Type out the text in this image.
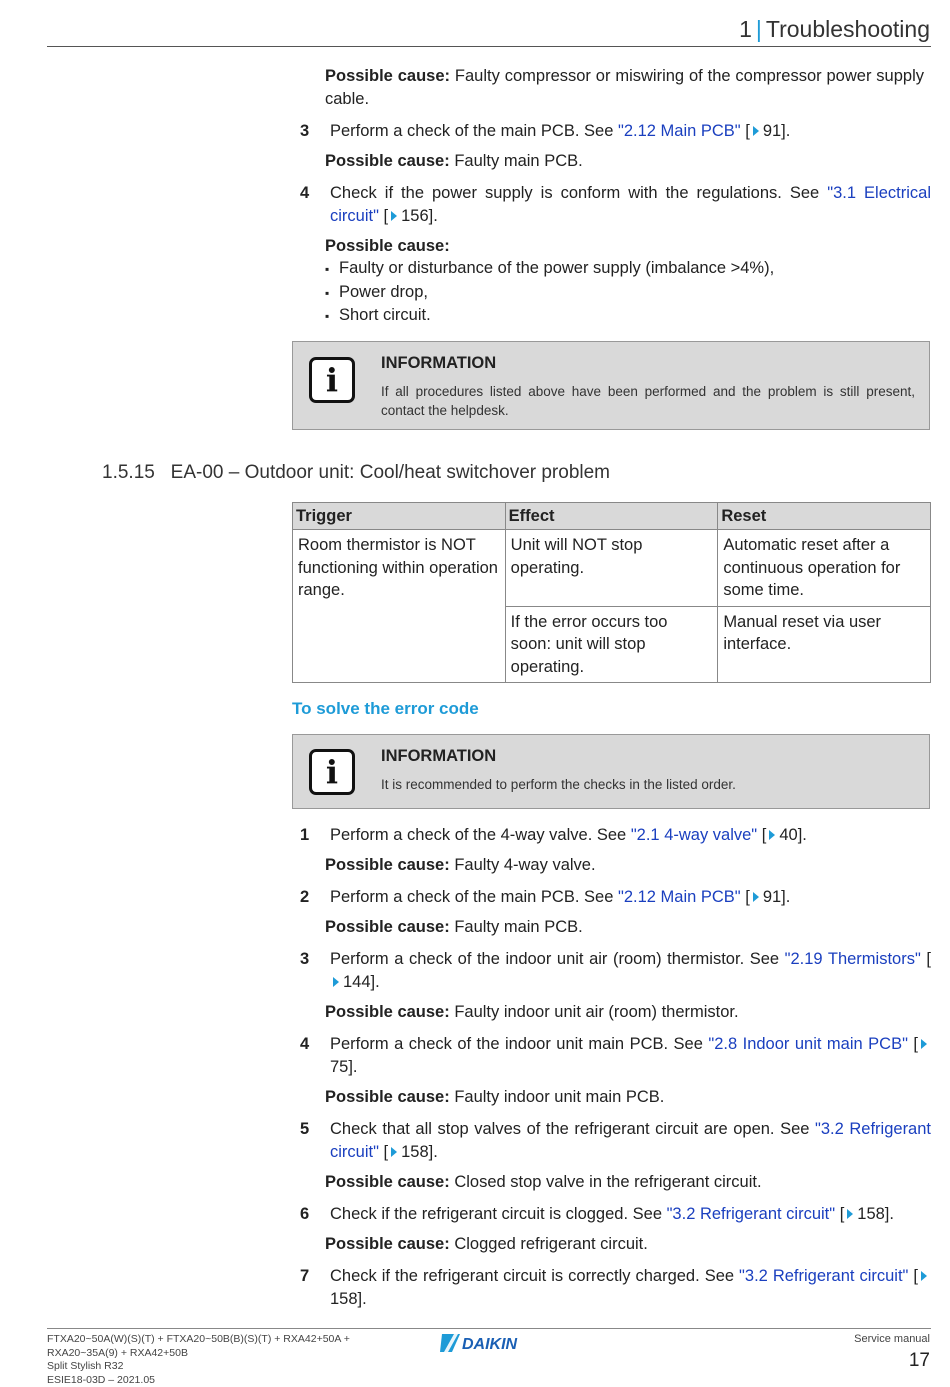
1 | Troubleshooting
Possible cause: Faulty compressor or miswiring of the compressor power supply cable.
3	Perform a check of the main PCB. See "2.12 Main PCB" [ 91].
Possible cause: Faulty main PCB.
4	Check if the power supply is conform with the regulations. See "3.1 Electrical circuit" [ 156].
Possible cause:
▪ Faulty or disturbance of the power supply (imbalance >4%),
▪ Power drop,
▪ Short circuit.
i	INFORMATION
If all procedures listed above have been performed and the problem is still present, contact the helpdesk.
1.5.15 EA-00 – Outdoor unit: Cool/heat switchover problem
Trigger	Effect	Reset
Room thermistor is NOT functioning within operation range.	Unit will NOT stop operating.	Automatic reset after a continuous operation for some time.
	If the error occurs too soon: unit will stop operating.	Manual reset via user interface.
To solve the error code
i	INFORMATION
It is recommended to perform the checks in the listed order.
1	Perform a check of the 4-way valve. See "2.1 4-way valve" [ 40].
Possible cause: Faulty 4-way valve.
2	Perform a check of the main PCB. See "2.12 Main PCB" [ 91].
Possible cause: Faulty main PCB.
3	Perform a check of the indoor unit air (room) thermistor. See "2.19 Thermistors" [144].
Possible cause: Faulty indoor unit air (room) thermistor.
4	Perform a check of the indoor unit main PCB. See "2.8 Indoor unit main PCB" [75].
Possible cause: Faulty indoor unit main PCB.
5	Check that all stop valves of the refrigerant circuit are open. See "3.2 Refrigerant circuit" [ 158].
Possible cause: Closed stop valve in the refrigerant circuit.
6	Check if the refrigerant circuit is clogged. See "3.2 Refrigerant circuit" [ 158].
Possible cause: Clogged refrigerant circuit.
7	Check if the refrigerant circuit is correctly charged. See "3.2 Refrigerant circuit" [158].
FTXA20~50A(W)(S)(T) + FTXA20~50B(B)(S)(T) + RXA42+50A +
RXA20~35A(9) + RXA42+50B
Split Stylish R32
ESIE18-03D – 2021.05
DAIKIN	Service manual
17
